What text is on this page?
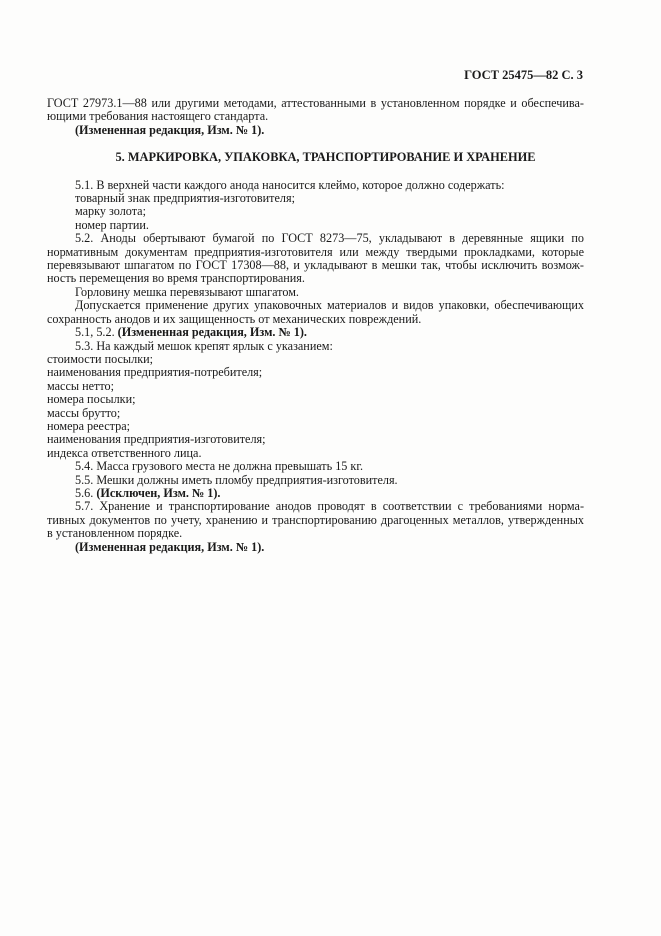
ГОСТ 25475—82 С. 3
ГОСТ 27973.1—88 или другими методами, аттестованными в установленном порядке и обеспечива-
ющими требования настоящего стандарта.
(Измененная редакция, Изм. № 1).
5. МАРКИРОВКА, УПАКОВКА, ТРАНСПОРТИРОВАНИЕ И ХРАНЕНИЕ
5.1. В верхней части каждого анода наносится клеймо, которое должно содержать:
товарный знак предприятия-изготовителя;
марку золота;
номер партии.
5.2. Аноды обертывают бумагой по ГОСТ 8273—75, укладывают в деревянные ящики по
нормативным документам предприятия-изготовителя или между твердыми прокладками, которые
перевязывают шпагатом по ГОСТ 17308—88, и укладывают в мешки так, чтобы исключить возмож-
ность перемещения во время транспортирования.
Горловину мешка перевязывают шпагатом.
Допускается применение других упаковочных материалов и видов упаковки, обеспечивающих
сохранность анодов и их защищенность от механических повреждений.
5.1, 5.2. (Измененная редакция, Изм. № 1).
5.3. На каждый мешок крепят ярлык с указанием:
стоимости посылки;
наименования предприятия-потребителя;
массы нетто;
номера посылки;
массы брутто;
номера реестра;
наименования предприятия-изготовителя;
индекса ответственного лица.
5.4. Масса грузового места не должна превышать 15 кг.
5.5. Мешки должны иметь пломбу предприятия-изготовителя.
5.6. (Исключен, Изм. № 1).
5.7. Хранение и транспортирование анодов проводят в соответствии с требованиями норма-
тивных документов по учету, хранению и транспортированию драгоценных металлов, утвержденных
в установленном порядке.
(Измененная редакция, Изм. № 1).
